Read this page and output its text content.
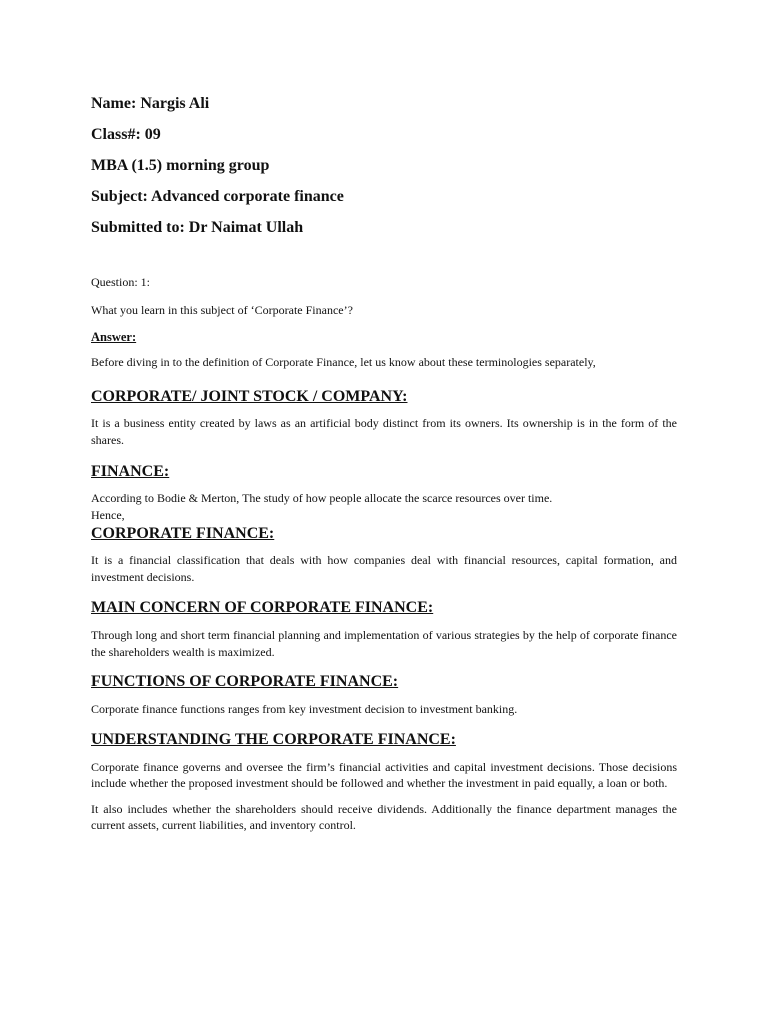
Name: Nargis Ali

Class#: 09

MBA (1.5) morning group

Subject: Advanced corporate finance

Submitted to: Dr Naimat Ullah

Question: 1:

What you learn in this subject of ‘Corporate Finance’?

Answer:

Before diving in to the definition of Corporate Finance, let us know about these terminologies separately,

CORPORATE/ JOINT STOCK / COMPANY:

It is a business entity created by laws as an artificial body distinct from its owners. Its ownership is in the form of the shares.

FINANCE:

According to Bodie & Merton, The study of how people allocate the scarce resources over time.

Hence,

CORPORATE FINANCE:

It is a financial classification that deals with how companies deal with financial resources, capital formation, and investment decisions.

MAIN CONCERN OF CORPORATE FINANCE:

Through long and short term financial planning and implementation of various strategies by the help of corporate finance the shareholders wealth is maximized.

FUNCTIONS OF CORPORATE FINANCE:

Corporate finance functions ranges from key investment decision to investment banking.

UNDERSTANDING THE CORPORATE FINANCE:

Corporate finance governs and oversee the firm’s financial activities and capital investment decisions. Those decisions include whether the proposed investment should be followed and whether the investment in paid equally, a loan or both.

It also includes whether the shareholders should receive dividends. Additionally the finance department manages the current assets, current liabilities, and inventory control.
